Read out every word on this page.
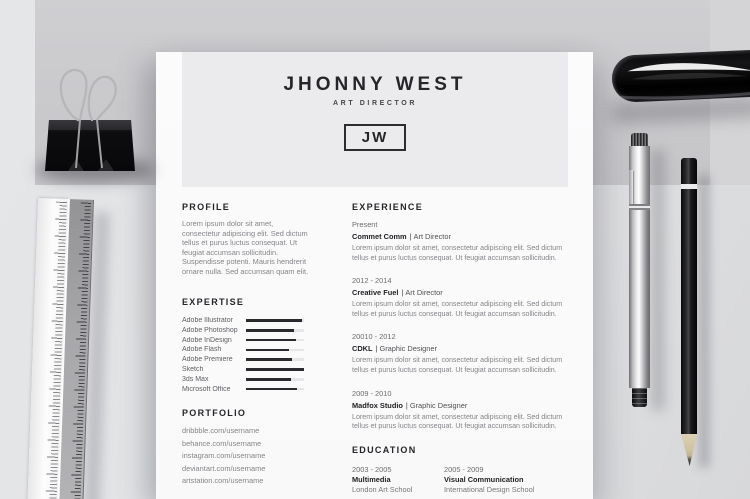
JHONNY WEST
ART DIRECTOR
JW
PROFILE

Lorem ipsum dolor sit amet, consectetur adipiscing elit. Sed dictum tellus et purus luctus consequat. Ut feugiat accumsan sollicitudin. Suspendisse potenti. Mauris hendrerit ornare nulla. Sed accumsan quam elit.

EXPERTISE
Adobe Illustrator
Adobe Photoshop
Adobe InDesign
Adobe Flash
Adobe Premiere
Sketch
3ds Max
Microsoft Office
PORTFOLIO
dribbble.com/username
behance.com/username
instagram.com/username
deviantart.com/username
artstation.com/username
EXPERIENCE
Present
Commet Comm | Art Director
Lorem ipsum dolor sit amet, consectetur adipiscing elit. Sed dictum tellus et purus luctus consequat. Ut feugiat accumsan sollicitudin.
2012 - 2014
Creative Fuel | Art Director
Lorem ipsum dolor sit amet, consectetur adipiscing elit. Sed dictum tellus et purus luctus consequat. Ut feugiat accumsan sollicitudin.
20010 - 2012
CDKL | Graphic Designer
Lorem ipsum dolor sit amet, consectetur adipiscing elit. Sed dictum tellus et purus luctus consequat. Ut feugiat accumsan sollicitudin.
2009 - 2010
Madfox Studio | Graphic Designer
Lorem ipsum dolor sit amet, consectetur adipiscing elit. Sed dictum tellus et purus luctus consequat. Ut feugiat accumsan sollicitudin.
EDUCATION
2003 - 2005
Multimedia
London Art School
2005 - 2009
Visual Communication
International Design School
